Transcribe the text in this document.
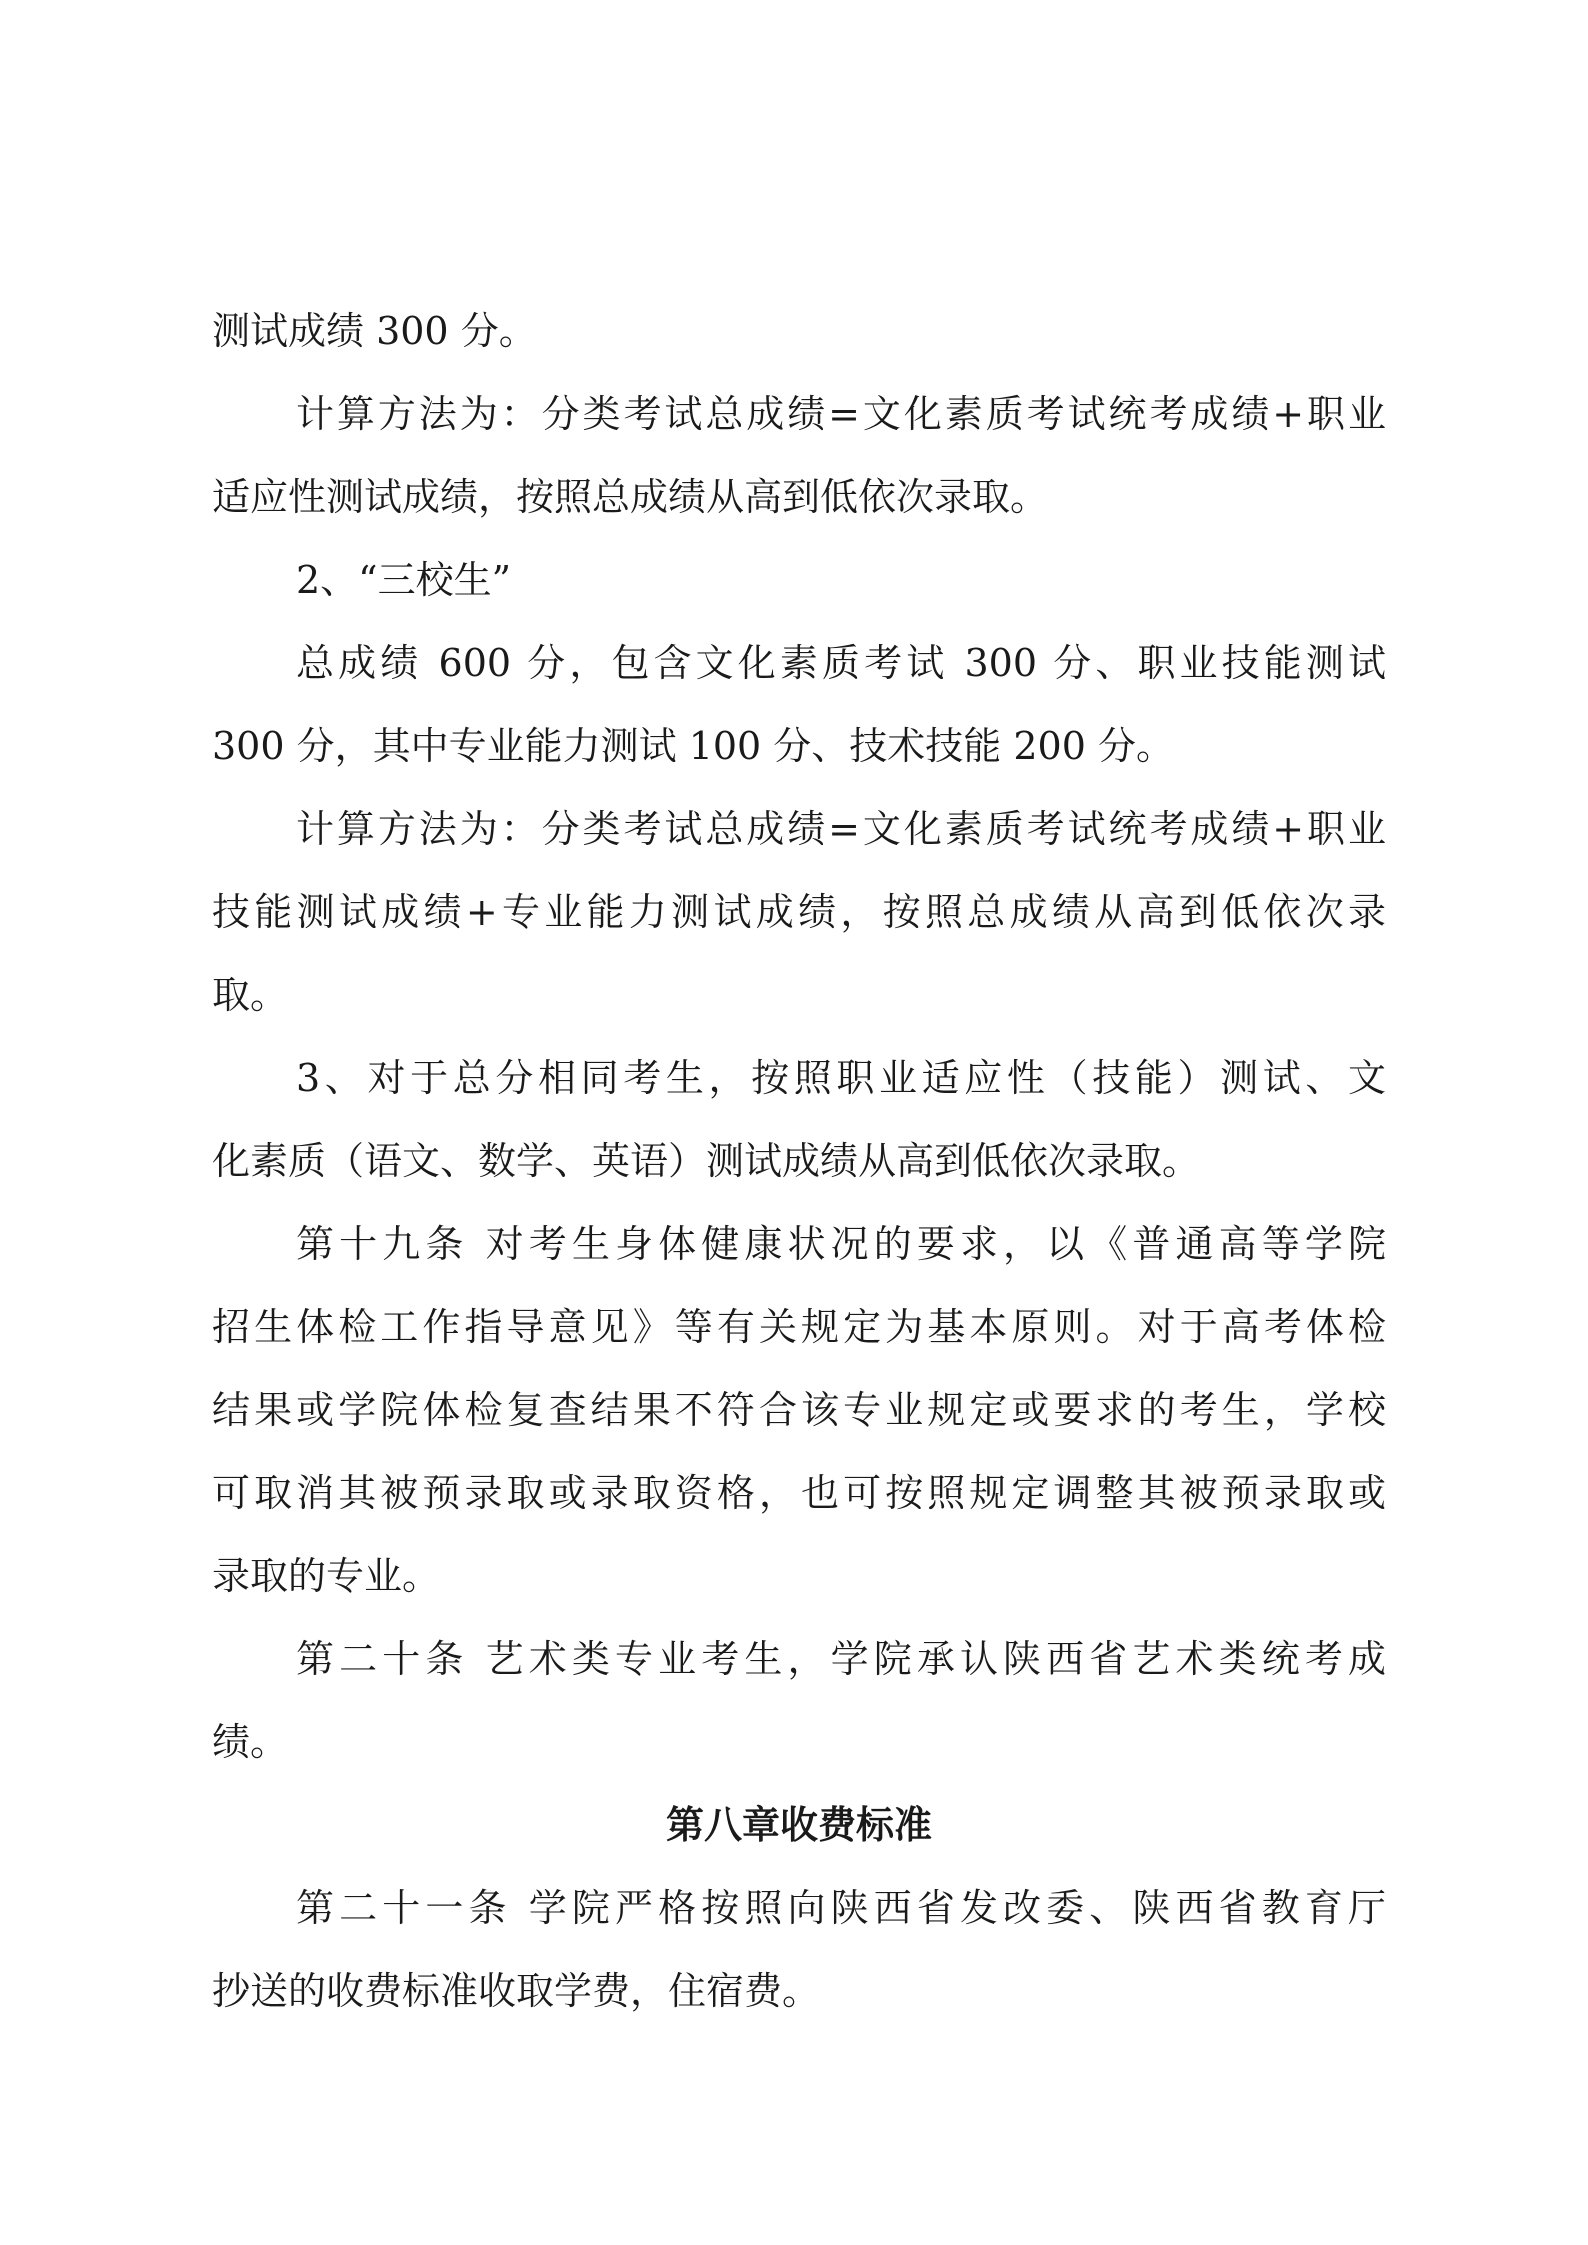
测试成绩 300 分。
计算方法为：分类考试总成绩=文化素质考试统考成绩+职业
适应性测试成绩，按照总成绩从高到低依次录取。
2、“三校生”
总成绩 600 分，包含文化素质考试 300 分、职业技能测试
300 分，其中专业能力测试 100 分、技术技能 200 分。
计算方法为：分类考试总成绩=文化素质考试统考成绩+职业
技能测试成绩+专业能力测试成绩，按照总成绩从高到低依次录
取。
3、对于总分相同考生，按照职业适应性（技能）测试、文
化素质（语文、数学、英语）测试成绩从高到低依次录取。
第十九条 对考生身体健康状况的要求，以《普通高等学院
招生体检工作指导意见》等有关规定为基本原则。对于高考体检
结果或学院体检复查结果不符合该专业规定或要求的考生，学校
可取消其被预录取或录取资格，也可按照规定调整其被预录取或
录取的专业。
第二十条 艺术类专业考生，学院承认陕西省艺术类统考成
绩。
第八章收费标准
第二十一条 学院严格按照向陕西省发改委、陕西省教育厅
抄送的收费标准收取学费，住宿费。
